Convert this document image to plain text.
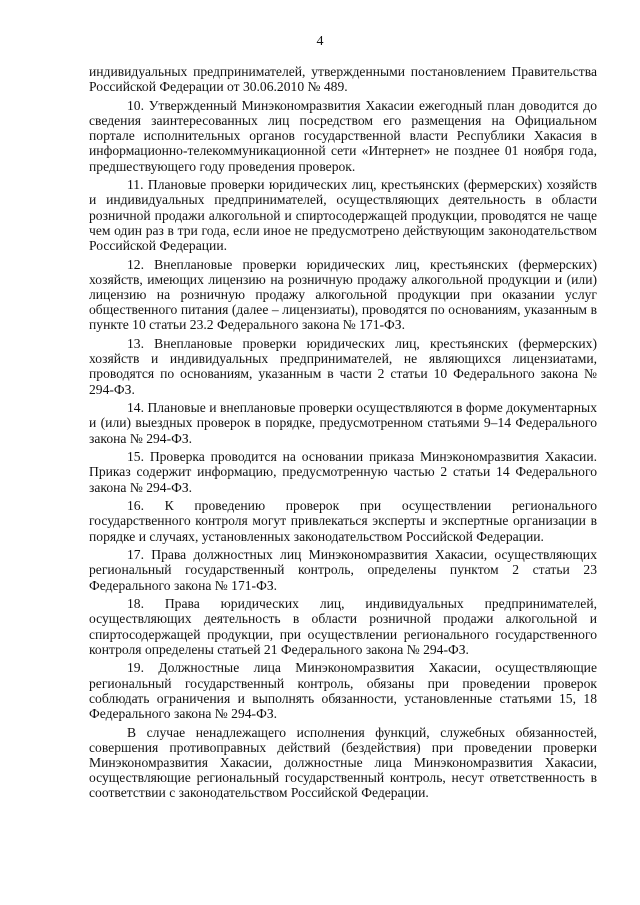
4

индивидуальных предпринимателей, утвержденными постановлением Правительства Российской Федерации от 30.06.2010 № 489.

10. Утвержденный Минэкономразвития Хакасии ежегодный план доводится до сведения заинтересованных лиц посредством его размещения на Официальном портале исполнительных органов государственной власти Республики Хакасия в информационно-телекоммуникационной сети «Интернет» не позднее 01 ноября года, предшествующего году проведения проверок.

11. Плановые проверки юридических лиц, крестьянских (фермерских) хозяйств и индивидуальных предпринимателей, осуществляющих деятельность в области розничной продажи алкогольной и спиртосодержащей продукции, проводятся не чаще чем один раз в три года, если иное не предусмотрено действующим законодательством Российской Федерации.

12. Внеплановые проверки юридических лиц, крестьянских (фермерских) хозяйств, имеющих лицензию на розничную продажу алкогольной продукции и (или) лицензию на розничную продажу алкогольной продукции при оказании услуг общественного питания (далее – лицензиаты), проводятся по основаниям, указанным в пункте 10 статьи 23.2 Федерального закона № 171-ФЗ.

13. Внеплановые проверки юридических лиц, крестьянских (фермерских) хозяйств и индивидуальных предпринимателей, не являющихся лицензиатами, проводятся по основаниям, указанным в части 2 статьи 10 Федерального закона № 294-ФЗ.

14. Плановые и внеплановые проверки осуществляются в форме документарных и (или) выездных проверок в порядке, предусмотренном статьями 9–14 Федерального закона № 294-ФЗ.

15. Проверка проводится на основании приказа Минэкономразвития Хакасии. Приказ содержит информацию, предусмотренную частью 2 статьи 14 Федерального закона № 294-ФЗ.

16. К проведению проверок при осуществлении регионального государственного контроля могут привлекаться эксперты и экспертные организации в порядке и случаях, установленных законодательством Российской Федерации.

17. Права должностных лиц Минэкономразвития Хакасии, осуществляющих региональный государственный контроль, определены пунктом 2 статьи 23 Федерального закона № 171-ФЗ.

18. Права юридических лиц, индивидуальных предпринимателей, осуществляющих деятельность в области розничной продажи алкогольной и спиртосодержащей продукции, при осуществлении регионального государственного контроля определены статьей 21 Федерального закона № 294-ФЗ.

19. Должностные лица Минэкономразвития Хакасии, осуществляющие региональный государственный контроль, обязаны при проведении проверок соблюдать ограничения и выполнять обязанности, установленные статьями 15, 18 Федерального закона № 294-ФЗ.

В случае ненадлежащего исполнения функций, служебных обязанностей, совершения противоправных действий (бездействия) при проведении проверки Минэкономразвития Хакасии, должностные лица Минэкономразвития Хакасии, осуществляющие региональный государственный контроль, несут ответственность в соответствии с законодательством Российской Федерации.
